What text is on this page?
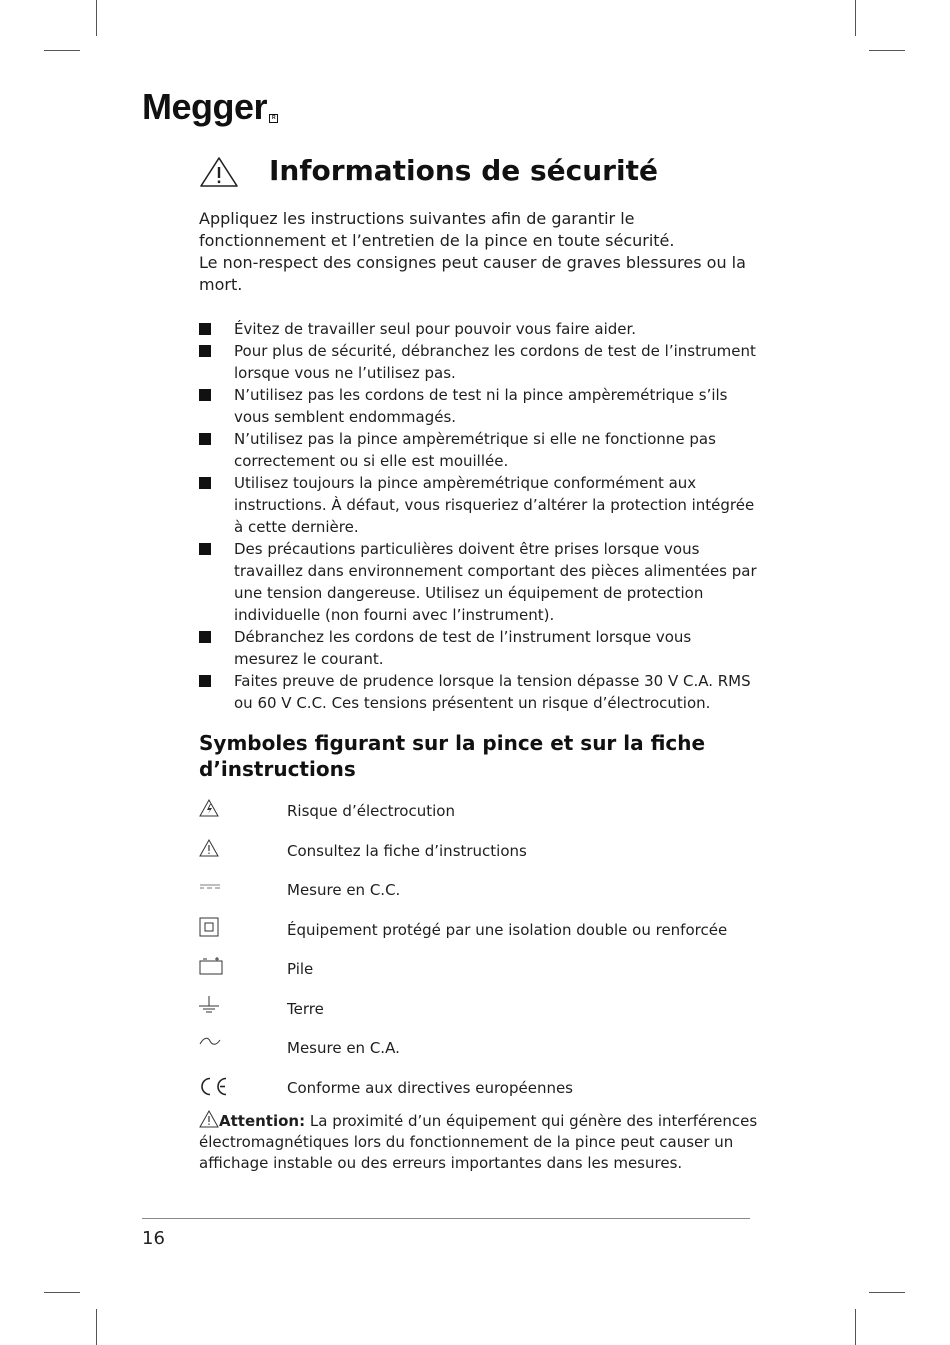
Megger R
Informations de sécurité

Appliquez les instructions suivantes afin de garantir le fonctionnement et l’entretien de la pince en toute sécurité.
Le non-respect des consignes peut causer de graves blessures ou la mort.

Évitez de travailler seul pour pouvoir vous faire aider.
Pour plus de sécurité, débranchez les cordons de test de l’instrument lorsque vous ne l’utilisez pas.
N’utilisez pas les cordons de test ni la pince ampèremétrique s’ils vous semblent endommagés.
N’utilisez pas la pince ampèremétrique si elle ne fonctionne pas correctement ou si elle est mouillée.
Utilisez toujours la pince ampèremétrique conformément aux instructions. À défaut, vous risqueriez d’altérer la protection intégrée à cette dernière.
Des précautions particulières doivent être prises lorsque vous travaillez dans environnement comportant des pièces alimentées par une tension dangereuse. Utilisez un équipement de protection individuelle (non fourni avec l’instrument).
Débranchez les cordons de test de l’instrument lorsque vous mesurez le courant.
Faites preuve de prudence lorsque la tension dépasse 30 V C.A. RMS ou 60 V C.C. Ces tensions présentent un risque d’électrocution.
Symboles figurant sur la pince et sur la fiche d’instructions
Risque d’électrocution
Consultez la fiche d’instructions
Mesure en C.C.
Équipement protégé par une isolation double ou renforcée
Pile
Terre
Mesure en C.A.
Conforme aux directives européennes

Attention: La proximité d’un équipement qui génère des interférences électromagnétiques lors du fonctionnement de la pince peut causer un affichage instable ou des erreurs importantes dans les mesures.

16
